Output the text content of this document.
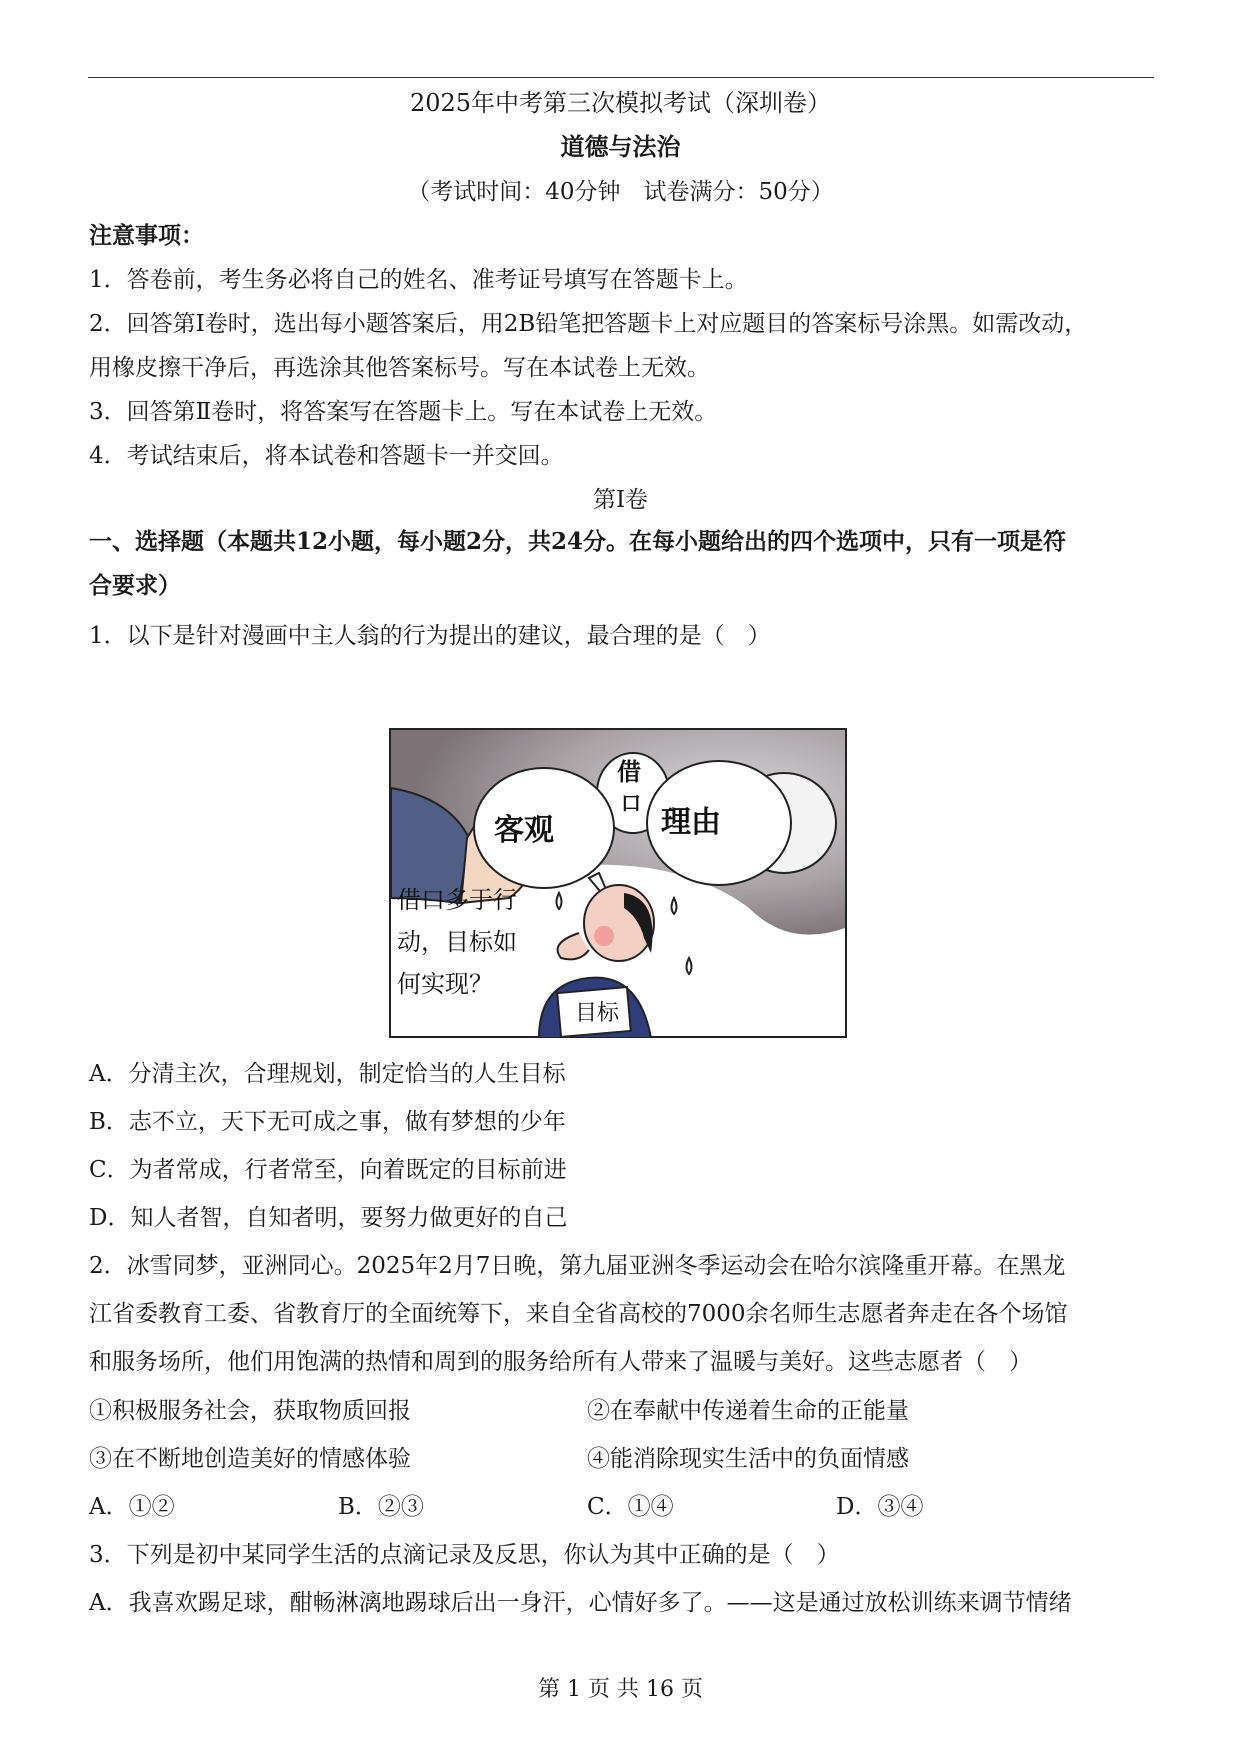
2025年中考第三次模拟考试（深圳卷）
道德与法治
（考试时间：40分钟　试卷满分：50分）
注意事项：
1．答卷前，考生务必将自己的姓名、准考证号填写在答题卡上。
2．回答第Ⅰ卷时，选出每小题答案后，用2B铅笔把答题卡上对应题目的答案标号涂黑。如需改动，
用橡皮擦干净后，再选涂其他答案标号。写在本试卷上无效。
3．回答第Ⅱ卷时，将答案写在答题卡上。写在本试卷上无效。
4．考试结束后，将本试卷和答题卡一并交回。
第Ⅰ卷
一、选择题（本题共12小题，每小题2分，共24分。在每小题给出的四个选项中，只有一项是符
合要求）
1．以下是针对漫画中主人翁的行为提出的建议，最合理的是（　）
客观
借
口
理由
目标
借口多于行
动，目标如
何实现？
A．分清主次，合理规划，制定恰当的人生目标
B．志不立，天下无可成之事，做有梦想的少年
C．为者常成，行者常至，向着既定的目标前进
D．知人者智，自知者明，要努力做更好的自己
2．冰雪同梦，亚洲同心。2025年2月7日晚，第九届亚洲冬季运动会在哈尔滨隆重开幕。在黑龙
江省委教育工委、省教育厅的全面统筹下，来自全省高校的7000余名师生志愿者奔走在各个场馆
和服务场所，他们用饱满的热情和周到的服务给所有人带来了温暖与美好。这些志愿者（　）
①积极服务社会，获取物质回报	②在奉献中传递着生命的正能量
③在不断地创造美好的情感体验	④能消除现实生活中的负面情感
A．①②	B．②③	C．①④	D．③④
3．下列是初中某同学生活的点滴记录及反思，你认为其中正确的是（　）
A．我喜欢踢足球，酣畅淋漓地踢球后出一身汗，心情好多了。——这是通过放松训练来调节情绪
第 1 页 共 16 页
